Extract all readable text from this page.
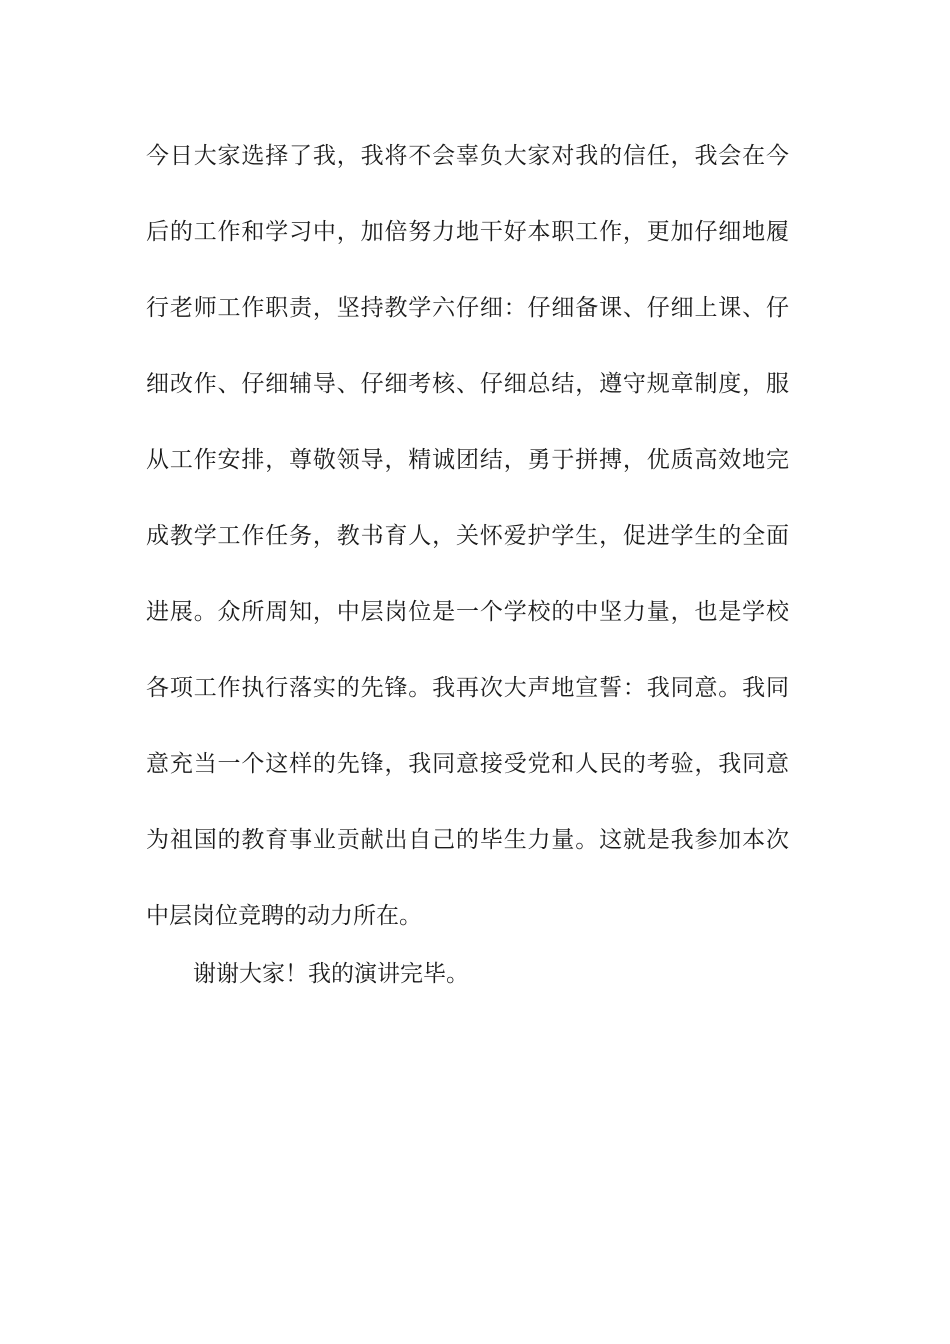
今日大家选择了我，我将不会辜负大家对我的信任，我会在今
后的工作和学习中，加倍努力地干好本职工作，更加仔细地履
行老师工作职责，坚持教学六仔细：仔细备课、仔细上课、仔
细改作、仔细辅导、仔细考核、仔细总结，遵守规章制度，服
从工作安排，尊敬领导，精诚团结，勇于拼搏，优质高效地完
成教学工作任务，教书育人，关怀爱护学生，促进学生的全面
进展。众所周知，中层岗位是一个学校的中坚力量，也是学校
各项工作执行落实的先锋。我再次大声地宣誓：我同意。我同
意充当一个这样的先锋，我同意接受党和人民的考验，我同意
为祖国的教育事业贡献出自己的毕生力量。这就是我参加本次
中层岗位竞聘的动力所在。

谢谢大家！我的演讲完毕。
